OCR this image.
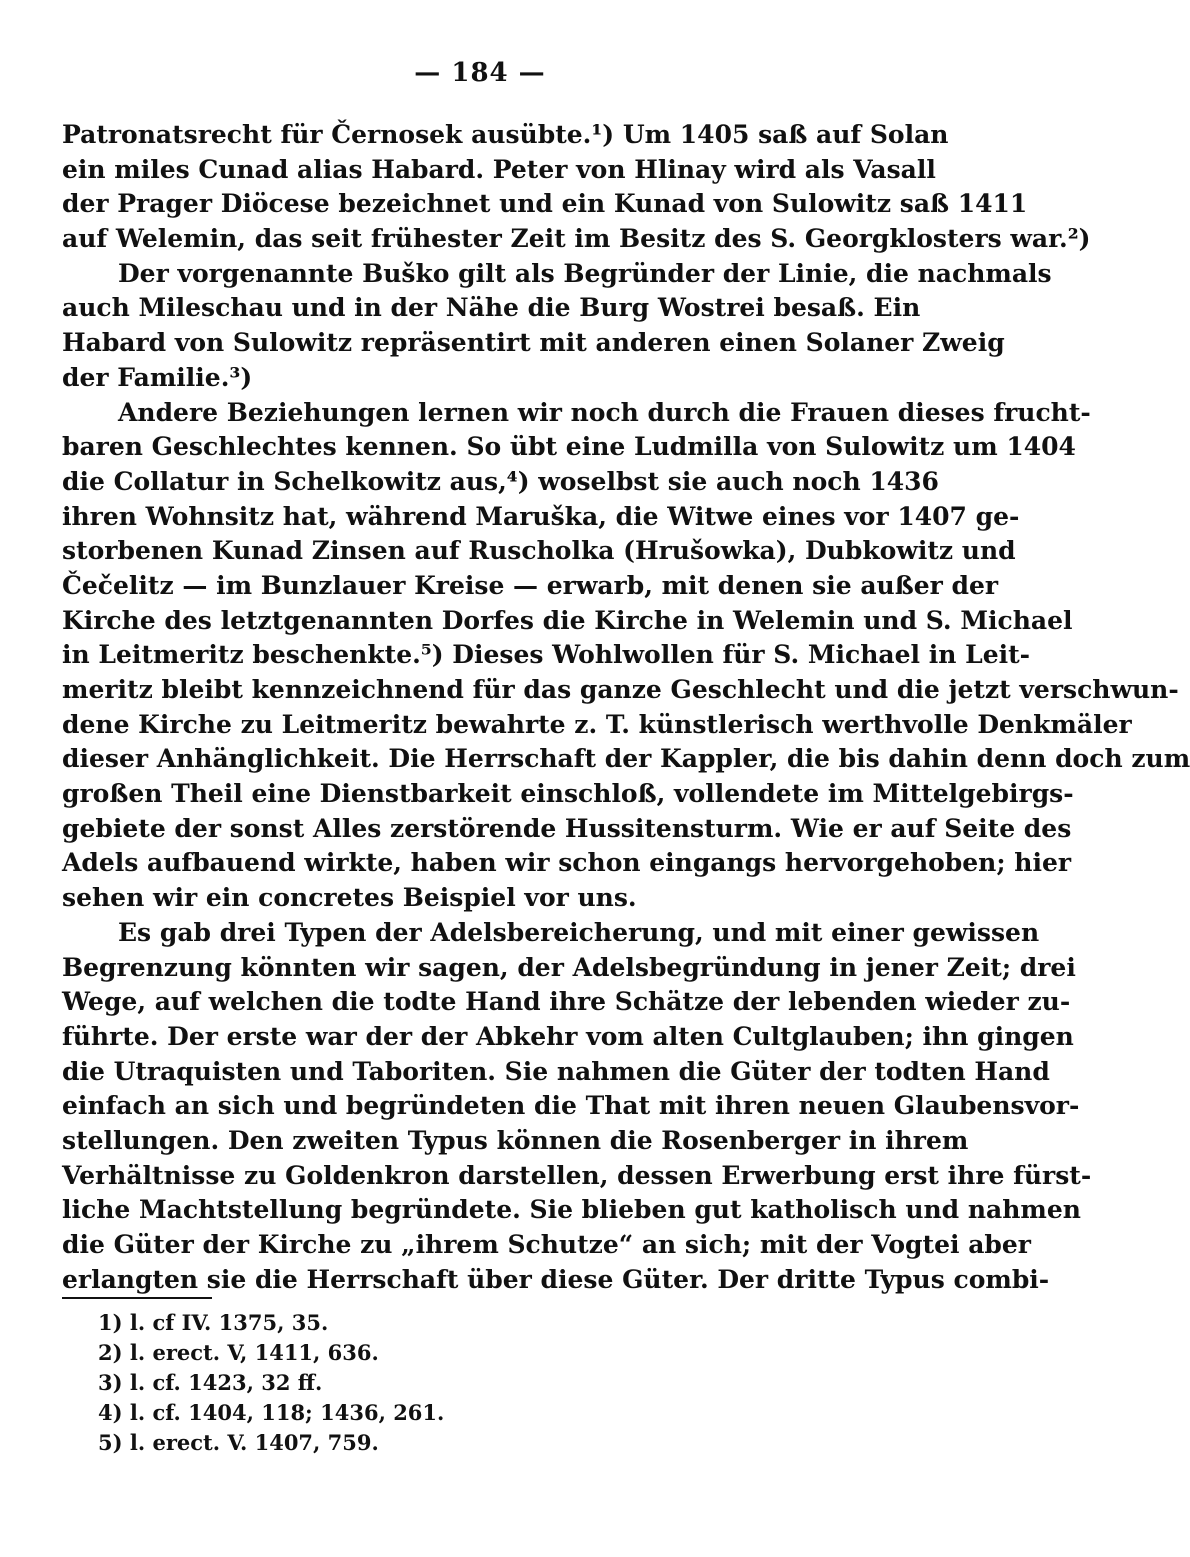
— 184 —
Patronatsrecht für Černosek ausübte.¹) Um 1405 saß auf Solan
ein miles Cunad alias Habard. Peter von Hlinay wird als Vasall
der Prager Diöcese bezeichnet und ein Kunad von Sulowitz saß 1411
auf Welemin, das seit frühester Zeit im Besitz des S. Georgklosters war.²)
Der vorgenannte Buško gilt als Begründer der Linie, die nachmals
auch Mileschau und in der Nähe die Burg Wostrei besaß. Ein
Habard von Sulowitz repräsentirt mit anderen einen Solaner Zweig
der Familie.³)
Andere Beziehungen lernen wir noch durch die Frauen dieses frucht-
baren Geschlechtes kennen. So übt eine Ludmilla von Sulowitz um 1404
die Collatur in Schelkowitz aus,⁴) woselbst sie auch noch 1436
ihren Wohnsitz hat, während Maruška, die Witwe eines vor 1407 ge-
storbenen Kunad Zinsen auf Ruscholka (Hrušowka), Dubkowitz und
Čečelitz — im Bunzlauer Kreise — erwarb, mit denen sie außer der
Kirche des letztgenannten Dorfes die Kirche in Welemin und S. Michael
in Leitmeritz beschenkte.⁵) Dieses Wohlwollen für S. Michael in Leit-
meritz bleibt kennzeichnend für das ganze Geschlecht und die jetzt verschwun-
dene Kirche zu Leitmeritz bewahrte z. T. künstlerisch werthvolle Denkmäler
dieser Anhänglichkeit. Die Herrschaft der Kappler, die bis dahin denn doch zum
großen Theil eine Dienstbarkeit einschloß, vollendete im Mittelgebirgs-
gebiete der sonst Alles zerstörende Hussitensturm. Wie er auf Seite des
Adels aufbauend wirkte, haben wir schon eingangs hervorgehoben; hier
sehen wir ein concretes Beispiel vor uns.
Es gab drei Typen der Adelsbereicherung, und mit einer gewissen
Begrenzung könnten wir sagen, der Adelsbegründung in jener Zeit; drei
Wege, auf welchen die todte Hand ihre Schätze der lebenden wieder zu-
führte. Der erste war der der Abkehr vom alten Cultglauben; ihn gingen
die Utraquisten und Taboriten. Sie nahmen die Güter der todten Hand
einfach an sich und begründeten die That mit ihren neuen Glaubensvor-
stellungen. Den zweiten Typus können die Rosenberger in ihrem
Verhältnisse zu Goldenkron darstellen, dessen Erwerbung erst ihre fürst-
liche Machtstellung begründete. Sie blieben gut katholisch und nahmen
die Güter der Kirche zu „ihrem Schutze“ an sich; mit der Vogtei aber
erlangten sie die Herrschaft über diese Güter. Der dritte Typus combi-
1) l. cf IV. 1375, 35.
2) l. erect. V, 1411, 636.
3) l. cf. 1423, 32 ff.
4) l. cf. 1404, 118; 1436, 261.
5) l. erect. V. 1407, 759.
